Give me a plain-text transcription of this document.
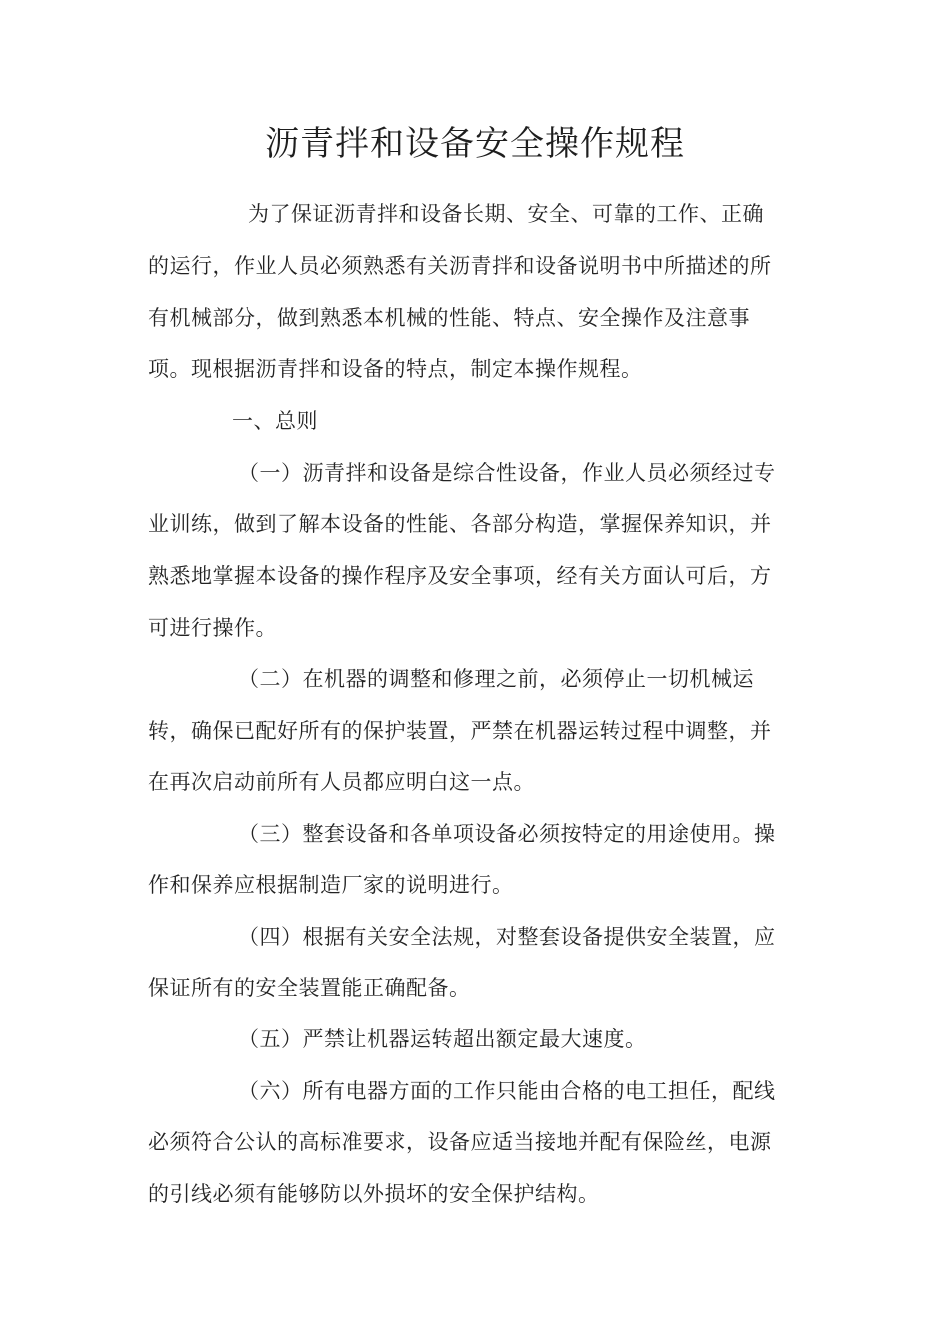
沥青拌和设备安全操作规程
为了保证沥青拌和设备长期、安全、可靠的工作、正确
的运行，作业人员必须熟悉有关沥青拌和设备说明书中所描述的所
有机械部分，做到熟悉本机械的性能、特点、安全操作及注意事
项。现根据沥青拌和设备的特点，制定本操作规程。
一、总则
（一）沥青拌和设备是综合性设备，作业人员必须经过专
业训练，做到了解本设备的性能、各部分构造，掌握保养知识，并
熟悉地掌握本设备的操作程序及安全事项，经有关方面认可后，方
可进行操作。
（二）在机器的调整和修理之前，必须停止一切机械运
转，确保已配好所有的保护装置，严禁在机器运转过程中调整，并
在再次启动前所有人员都应明白这一点。
（三）整套设备和各单项设备必须按特定的用途使用。操
作和保养应根据制造厂家的说明进行。
（四）根据有关安全法规，对整套设备提供安全装置，应
保证所有的安全装置能正确配备。
（五）严禁让机器运转超出额定最大速度。
（六）所有电器方面的工作只能由合格的电工担任，配线
必须符合公认的高标准要求，设备应适当接地并配有保险丝，电源
的引线必须有能够防以外损坏的安全保护结构。
